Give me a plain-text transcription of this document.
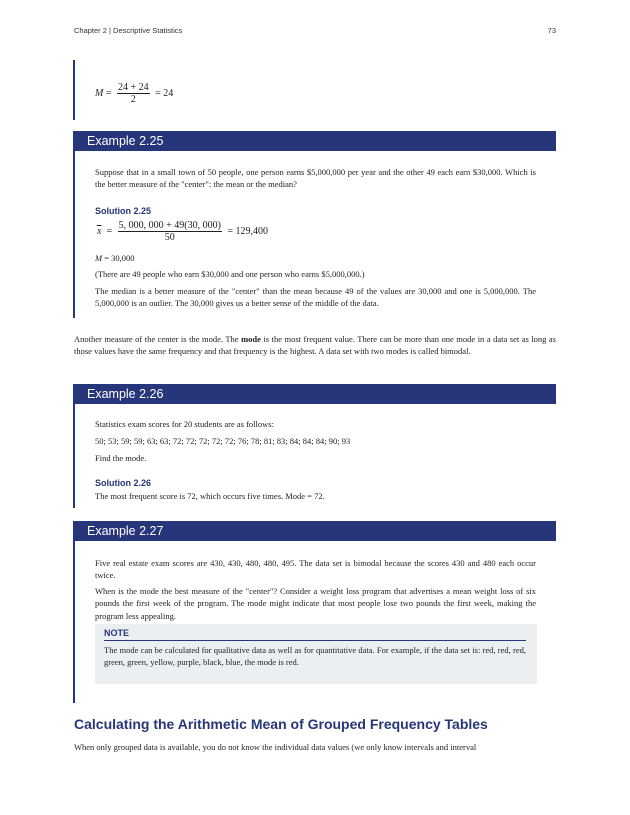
Chapter 2 | Descriptive Statistics	73
$M = \frac{24 + 24}{2} = 24$
Example 2.25

Suppose that in a small town of 50 people, one person earns $5,000,000 per year and the other 49 each earn $30,000. Which is the better measure of the "center": the mean or the median?

Solution 2.25
$\overline{x} = \frac{5, 000, 000 + 49(30, 000)}{50} = 129,400$
M = 30,000

(There are 49 people who earn $30,000 and one person who earns $5,000,000.)

The median is a better measure of the "center" than the mean because 49 of the values are 30,000 and one is 5,000,000. The 5,000,000 is an outlier. The 30,000 gives us a better sense of the middle of the data.

Another measure of the center is the mode. The mode is the most frequent value. There can be more than one mode in a data set as long as those values have the same frequency and that frequency is the highest. A data set with two modes is called bimodal.

Example 2.26

Statistics exam scores for 20 students are as follows:

50; 53; 59; 59; 63; 63; 72; 72; 72; 72; 72; 76; 78; 81; 83; 84; 84; 84; 90; 93

Find the mode.

Solution 2.26

The most frequent score is 72, which occurs five times. Mode = 72.

Example 2.27

Five real estate exam scores are 430, 430, 480, 480, 495. The data set is bimodal because the scores 430 and 480 each occur twice.

When is the mode the best measure of the "center"? Consider a weight loss program that advertises a mean weight loss of six pounds the first week of the program. The mode might indicate that most people lose two pounds the first week, making the program less appealing.

NOTE

The mode can be calculated for qualitative data as well as for quantitative data. For example, if the data set is: red, red, red, green, green, yellow, purple, black, blue, the mode is red.

Calculating the Arithmetic Mean of Grouped Frequency Tables

When only grouped data is available, you do not know the individual data values (we only know intervals and interval
